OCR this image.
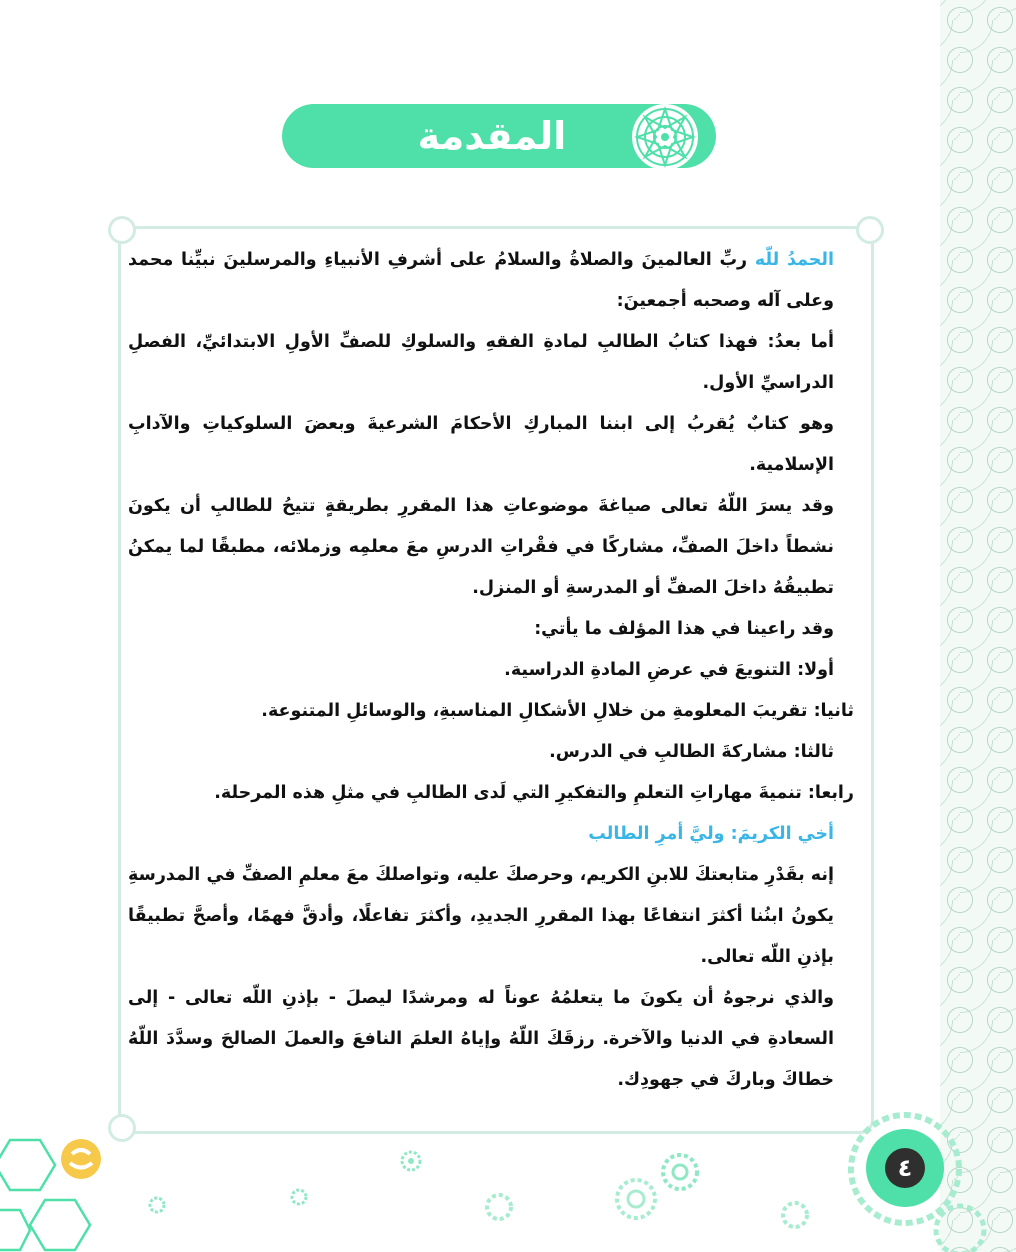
المقدمة

الحمدُ للّه ربِّ العالمينَ والصلاةُ والسلامُ على أشرفِ الأنبياءِ والمرسلينَ نبيِّنا محمد وعلى آله وصحبه أجمعينَ:

أما بعدُ: فهذا كتابُ الطالبِ لمادةِ الفقهِ والسلوكِ للصفِّ الأولِ الابتدائيِّ، الفصلِ الدراسيِّ الأول.

وهو كتابٌ يُقربُ إلى ابننا المباركِ الأحكامَ الشرعيةَ وبعضَ السلوكياتِ والآدابِ الإسلامية.

وقد يسرَ اللّهُ تعالى صياغةَ موضوعاتِ هذا المقررِ بطريقةٍ تتيحُ للطالبِ أن يكونَ نشطاً داخلَ الصفِّ، مشاركًا في فقْراتِ الدرسِ معَ معلمِه وزملائه، مطبقًا لما يمكنُ تطبيقُهُ داخلَ الصفِّ أو المدرسةِ أو المنزل.

وقد راعينا في هذا المؤلف ما يأتي:

أولا: التنويعَ في عرضِ المادةِ الدراسية.

ثانيا: تقريبَ المعلومةِ من خلالِ الأشكالِ المناسبةِ، والوسائلِ المتنوعة.

ثالثا: مشاركةَ الطالبِ في الدرس.

رابعا: تنميةَ مهاراتِ التعلمِ والتفكيرِ التي لَدى الطالبِ في مثلِ هذه المرحلة.

أخي الكريمَ: وليَّ أمرِ الطالب

إنه بقَدْرِ متابعتكَ للابنِ الكريم، وحرصكَ عليه، وتواصلكَ معَ معلمِ الصفِّ في المدرسةِ يكونُ ابنُنا أكثرَ انتفاعًا بهذا المقررِ الجديدِ، وأكثرَ تفاعلًا، وأدقَّ فهمًا، وأصحَّ تطبيقًا بإذنِ اللّه تعالى.

والذي نرجوهُ أن يكونَ ما يتعلمُهُ عوناً له ومرشدًا ليصلَ - بإذنِ اللّه تعالى - إلى السعادةِ في الدنيا والآخرة. رزقَكَ اللّهُ وإياهُ العلمَ النافعَ والعملَ الصالحَ وسدَّدَ اللّهُ خطاكَ وباركَ في جهودِك.

٤
